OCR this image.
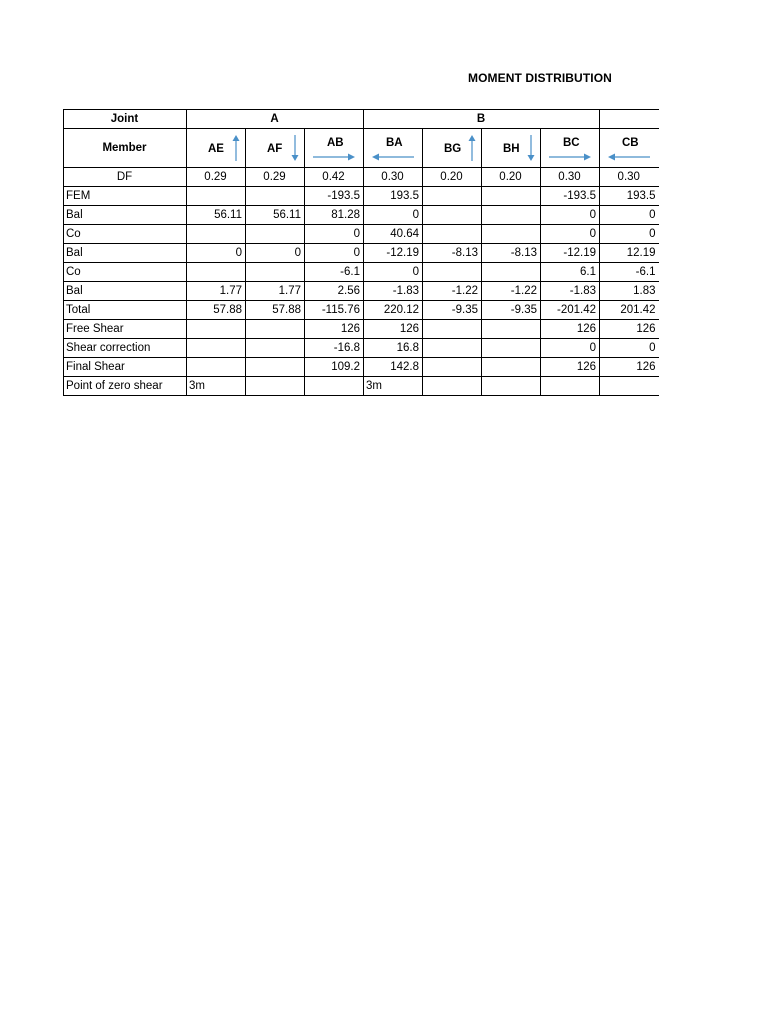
MOMENT DISTRIBUTION
Joint	A			B				
Member	AE	AF	AB	BA	BG	BH	BC	CB

DF	0.29	0.29	0.42	0.30	0.20	0.20	0.30	0.30
FEM			-193.5	193.5			-193.5	193.5
Bal	56.11	56.11	81.28	0			0	0
Co			0	40.64			0	0
Bal	0	0	0	-12.19	-8.13	-8.13	-12.19	12.19
Co			-6.1	0			6.1	-6.1
Bal	1.77	1.77	2.56	-1.83	-1.22	-1.22	-1.83	1.83
Total	57.88	57.88	-115.76	220.12	-9.35	-9.35	-201.42	201.42
Free Shear			126	126			126	126
Shear correction			-16.8	16.8			0	0
Final Shear			109.2	142.8			126	126
Point of zero shear	3m			3m				
